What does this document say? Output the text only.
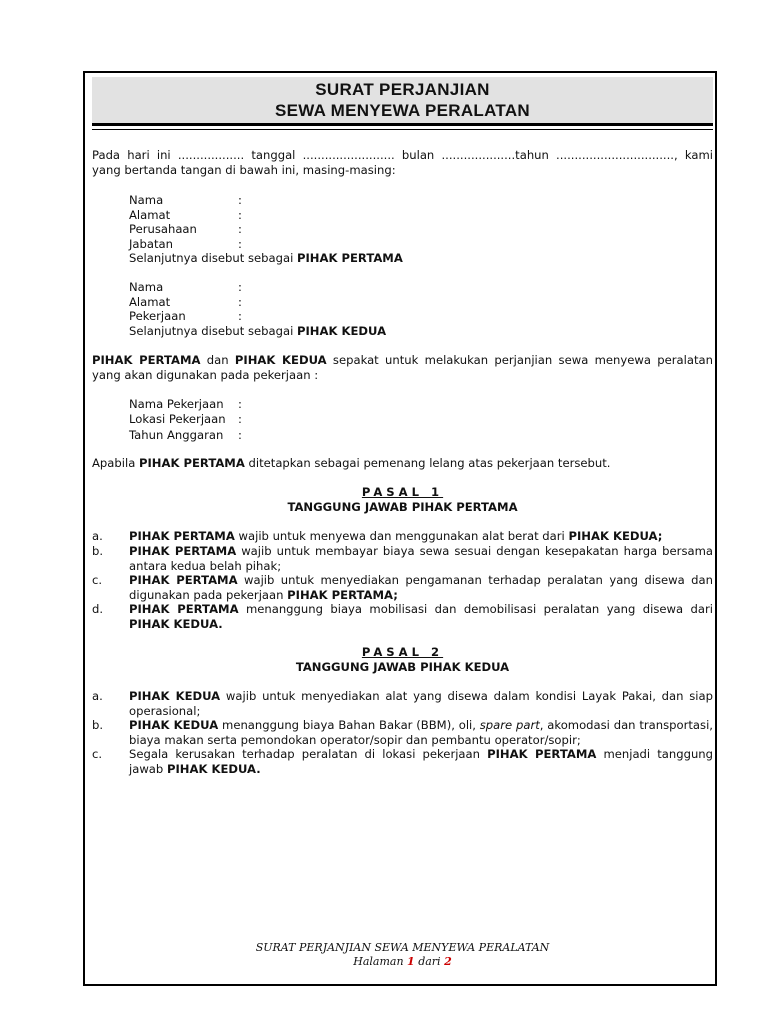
SURAT PERJANJIAN
SEWA MENYEWA PERALATAN
Pada hari ini .................. tanggal ......................... bulan ....................tahun ................................, kami yang bertanda tangan di bawah ini, masing-masing:
Nama	:
Alamat	:
Perusahaan	:
Jabatan	:
Selanjutnya disebut sebagai PIHAK PERTAMA
Nama	:
Alamat	:
Pekerjaan	:
Selanjutnya disebut sebagai PIHAK KEDUA
PIHAK PERTAMA dan PIHAK KEDUA sepakat untuk melakukan perjanjian sewa menyewa peralatan yang akan digunakan pada pekerjaan :
Nama Pekerjaan :
Lokasi Pekerjaan :
Tahun Anggaran :
Apabila PIHAK PERTAMA ditetapkan sebagai pemenang lelang atas pekerjaan tersebut.
PASAL 1
TANGGUNG JAWAB PIHAK PERTAMA
a. PIHAK PERTAMA wajib untuk menyewa dan menggunakan alat berat dari PIHAK KEDUA;
b. PIHAK PERTAMA wajib untuk membayar biaya sewa sesuai dengan kesepakatan harga bersama antara kedua belah pihak;
c. PIHAK PERTAMA wajib untuk menyediakan pengamanan terhadap peralatan yang disewa dan digunakan pada pekerjaan PIHAK PERTAMA;
d. PIHAK PERTAMA menanggung biaya mobilisasi dan demobilisasi peralatan yang disewa dari PIHAK KEDUA.
PASAL 2
TANGGUNG JAWAB PIHAK KEDUA
a. PIHAK KEDUA wajib untuk menyediakan alat yang disewa dalam kondisi Layak Pakai, dan siap operasional;
b. PIHAK KEDUA menanggung biaya Bahan Bakar (BBM), oli, spare part, akomodasi dan transportasi, biaya makan serta pemondokan operator/sopir dan pembantu operator/sopir;
c. Segala kerusakan terhadap peralatan di lokasi pekerjaan PIHAK PERTAMA menjadi tanggung jawab PIHAK KEDUA.
SURAT PERJANJIAN SEWA MENYEWA PERALATAN
Halaman 1 dari 2
